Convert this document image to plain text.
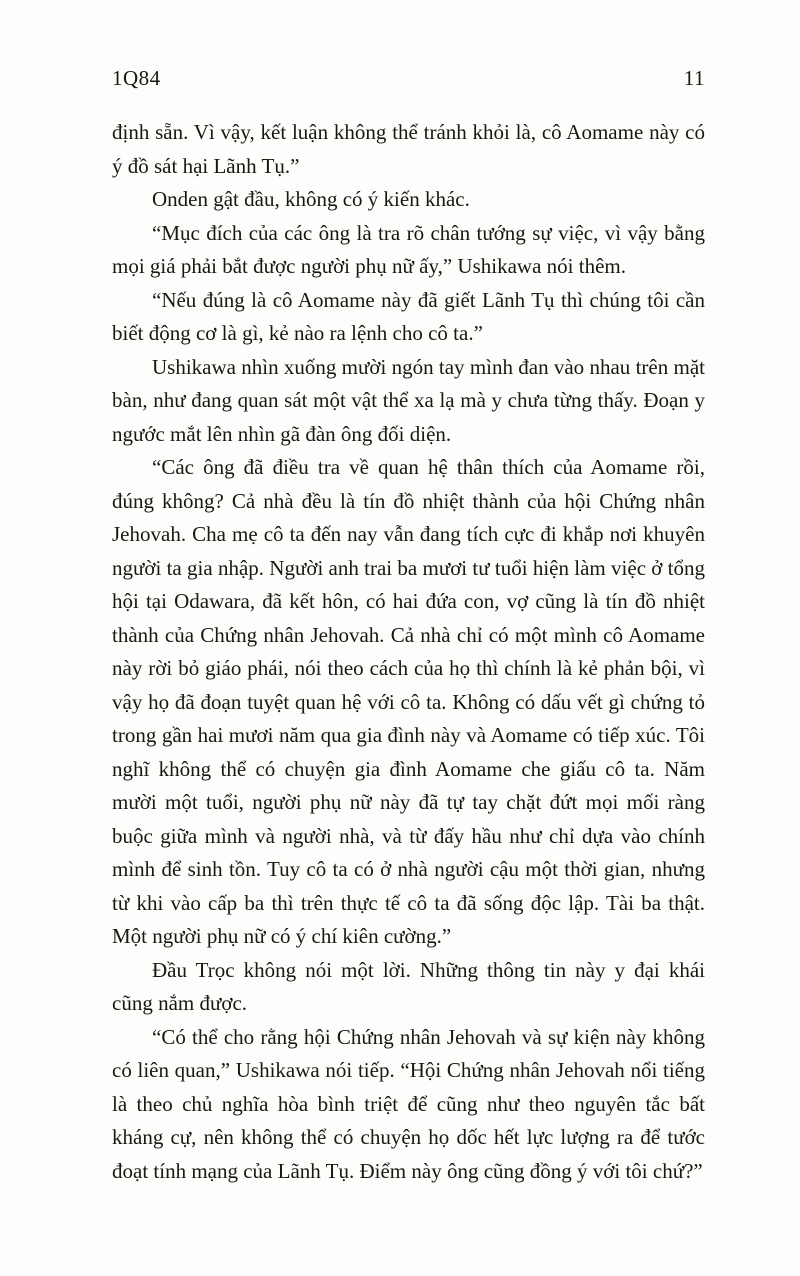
1Q84	11

định sẵn. Vì vậy, kết luận không thể tránh khỏi là, cô Aomame này có ý đồ sát hại Lãnh Tụ.”

Onden gật đầu, không có ý kiến khác.

“Mục đích của các ông là tra rõ chân tướng sự việc, vì vậy bằng mọi giá phải bắt được người phụ nữ ấy,” Ushikawa nói thêm.

“Nếu đúng là cô Aomame này đã giết Lãnh Tụ thì chúng tôi cần biết động cơ là gì, kẻ nào ra lệnh cho cô ta.”

Ushikawa nhìn xuống mười ngón tay mình đan vào nhau trên mặt bàn, như đang quan sát một vật thể xa lạ mà y chưa từng thấy. Đoạn y ngước mắt lên nhìn gã đàn ông đối diện.

“Các ông đã điều tra về quan hệ thân thích của Aomame rồi, đúng không? Cả nhà đều là tín đồ nhiệt thành của hội Chứng nhân Jehovah. Cha mẹ cô ta đến nay vẫn đang tích cực đi khắp nơi khuyên người ta gia nhập. Người anh trai ba mươi tư tuổi hiện làm việc ở tổng hội tại Odawara, đã kết hôn, có hai đứa con, vợ cũng là tín đồ nhiệt thành của Chứng nhân Jehovah. Cả nhà chỉ có một mình cô Aomame này rời bỏ giáo phái, nói theo cách của họ thì chính là kẻ phản bội, vì vậy họ đã đoạn tuyệt quan hệ với cô ta. Không có dấu vết gì chứng tỏ trong gần hai mươi năm qua gia đình này và Aomame có tiếp xúc. Tôi nghĩ không thể có chuyện gia đình Aomame che giấu cô ta. Năm mười một tuổi, người phụ nữ này đã tự tay chặt đứt mọi mối ràng buộc giữa mình và người nhà, và từ đấy hầu như chỉ dựa vào chính mình để sinh tồn. Tuy cô ta có ở nhà người cậu một thời gian, nhưng từ khi vào cấp ba thì trên thực tế cô ta đã sống độc lập. Tài ba thật. Một người phụ nữ có ý chí kiên cường.”

Đầu Trọc không nói một lời. Những thông tin này y đại khái cũng nắm được.

“Có thể cho rằng hội Chứng nhân Jehovah và sự kiện này không có liên quan,” Ushikawa nói tiếp. “Hội Chứng nhân Jehovah nổi tiếng là theo chủ nghĩa hòa bình triệt để cũng như theo nguyên tắc bất kháng cự, nên không thể có chuyện họ dốc hết lực lượng ra để tước đoạt tính mạng của Lãnh Tụ. Điểm này ông cũng đồng ý với tôi chứ?”
